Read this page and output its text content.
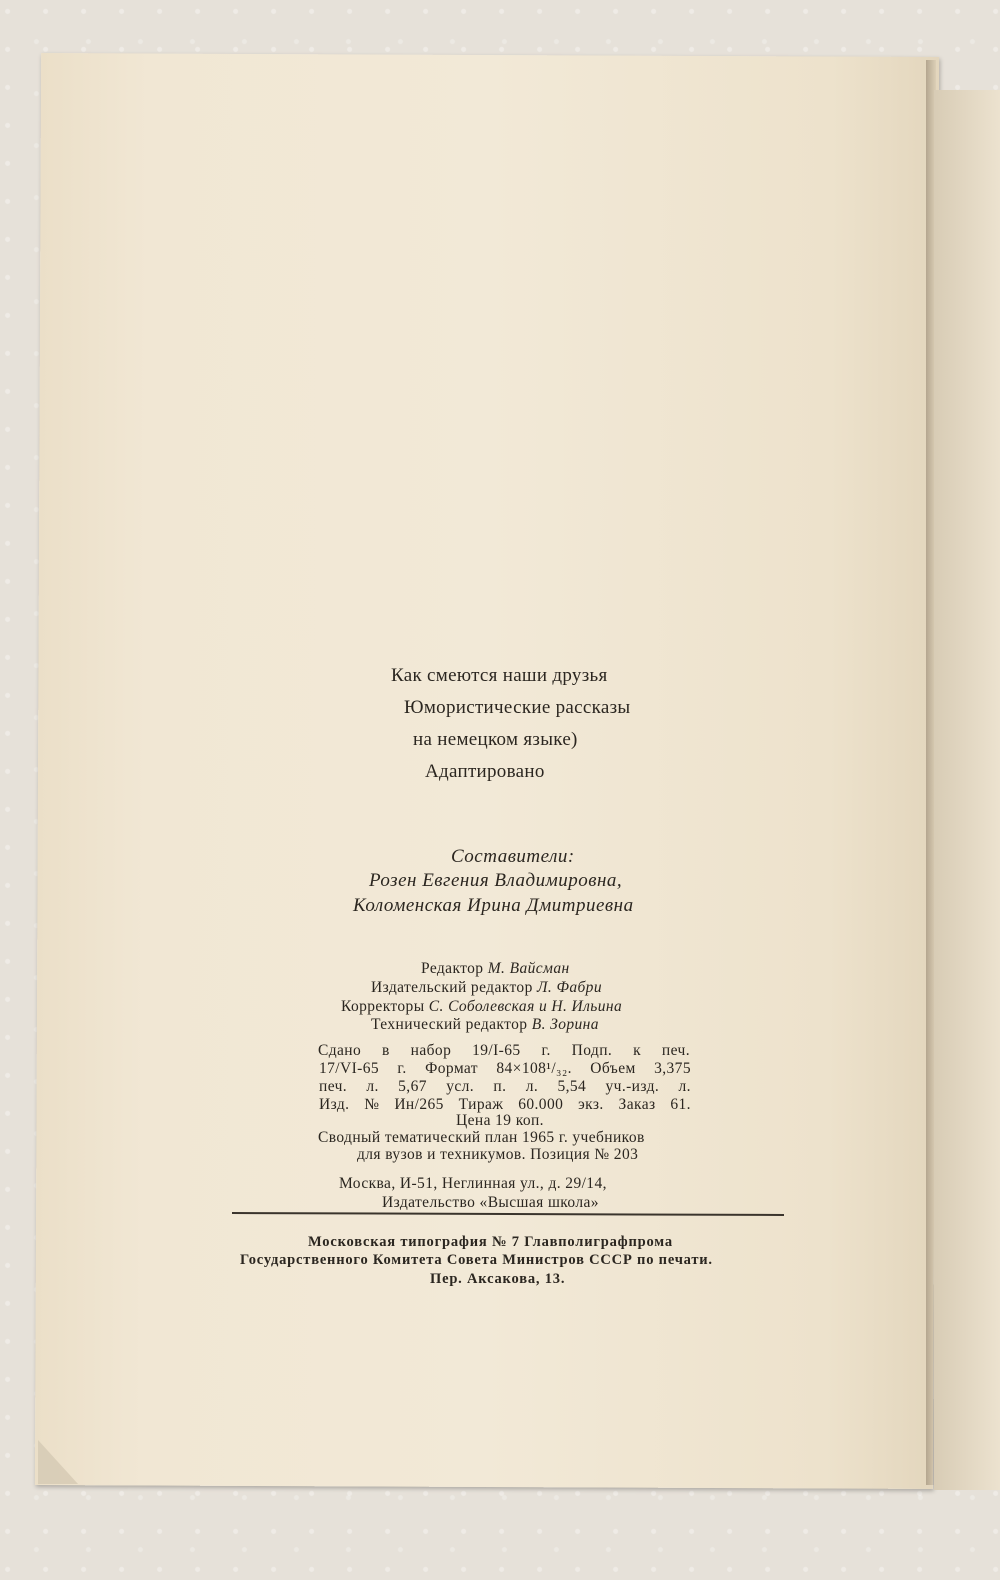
Как смеются наши друзья
Юмористические рассказы
на немецком языке)
Адаптировано
Составители:
Розен Евгения Владимировна,
Коломенская Ирина Дмитриевна
Редактор М. Вайсман
Издательский редактор Л. Фабри
Корректоры С. Соболевская и Н. Ильина
Технический редактор В. Зорина
Сдано в набор 19/I-65 г. Подп. к печ.
17/VI-65 г. Формат 84×108¹/₃₂. Объем 3,375
печ. л. 5,67 усл. п. л. 5,54 уч.-изд. л.
Изд. № Ин/265 Тираж 60.000 экз. Заказ 61.
Цена 19 коп.
Сводный тематический план 1965 г. учебников
для вузов и техникумов. Позиция № 203
Москва, И-51, Неглинная ул., д. 29/14,
Издательство «Высшая школа»
Московская типография № 7 Главполиграфпрома
Государственного Комитета Совета Министров СССР по печати.
Пер. Аксакова, 13.
